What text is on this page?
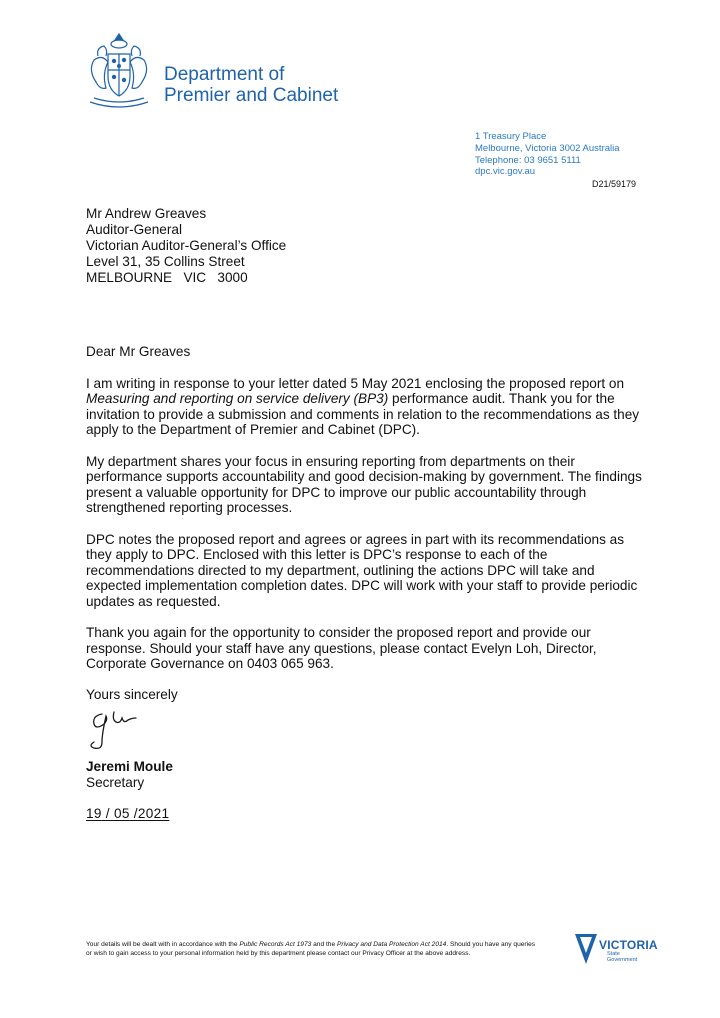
Department of
Premier and Cabinet
1 Treasury Place
Melbourne, Victoria 3002 Australia
Telephone: 03 9651 5111
dpc.vic.gov.au
D21/59179
Mr Andrew Greaves
Auditor-General
Victorian Auditor-General’s Office
Level 31, 35 Collins Street
MELBOURNE   VIC   3000

Dear Mr Greaves

I am writing in response to your letter dated 5 May 2021 enclosing the proposed report on Measuring and reporting on service delivery (BP3) performance audit. Thank you for the invitation to provide a submission and comments in relation to the recommendations as they apply to the Department of Premier and Cabinet (DPC).

My department shares your focus in ensuring reporting from departments on their performance supports accountability and good decision-making by government. The findings present a valuable opportunity for DPC to improve our public accountability through strengthened reporting processes.

DPC notes the proposed report and agrees or agrees in part with its recommendations as they apply to DPC. Enclosed with this letter is DPC’s response to each of the recommendations directed to my department, outlining the actions DPC will take and expected implementation completion dates. DPC will work with your staff to provide periodic updates as requested.

Thank you again for the opportunity to consider the proposed report and provide our response. Should your staff have any questions, please contact Evelyn Loh, Director, Corporate Governance on 0403 065 963.

Yours sincerely

Jeremi Moule
Secretary
19 / 05 /2021
Your details will be dealt with in accordance with the Public Records Act 1973 and the Privacy and Data Protection Act 2014. Should you have any queries or wish to gain access to your personal information held by this department please contact our Privacy Officer at the above address.
VICTORIA
State
Government
